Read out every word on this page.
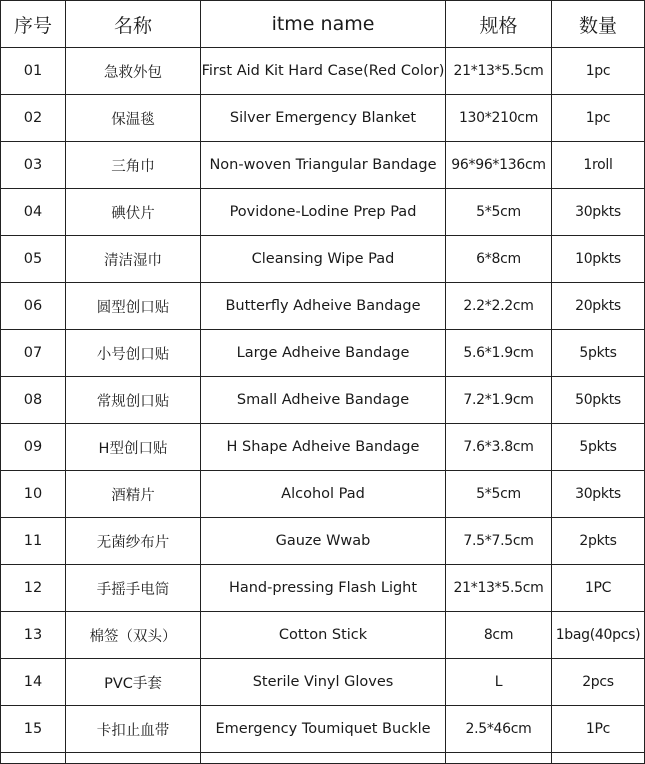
序号	名称	itme name	规格	数量
01	急救外包	First Aid Kit Hard Case(Red Color)	21*13*5.5cm	1pc
02	保温毯	Silver Emergency Blanket	130*210cm	1pc
03	三角巾	Non-woven Triangular Bandage	96*96*136cm	1roll
04	碘伏片	Povidone-Lodine Prep Pad	5*5cm	30pkts
05	清洁湿巾	Cleansing Wipe Pad	6*8cm	10pkts
06	圆型创口贴	Butterfly Adheive Bandage	2.2*2.2cm	20pkts
07	小号创口贴	Large Adheive Bandage	5.6*1.9cm	5pkts
08	常规创口贴	Small Adheive Bandage	7.2*1.9cm	50pkts
09	H型创口贴	H Shape Adheive Bandage	7.6*3.8cm	5pkts
10	酒精片	Alcohol Pad	5*5cm	30pkts
11	无菌纱布片	Gauze Wwab	7.5*7.5cm	2pkts
12	手摇手电筒	Hand-pressing Flash Light	21*13*5.5cm	1PC
13	棉签（双头）	Cotton Stick	8cm	1bag(40pcs)
14	PVC手套	Sterile Vinyl Gloves	L	2pcs
15	卡扣止血带	Emergency Toumiquet Buckle	2.5*46cm	1Pc
